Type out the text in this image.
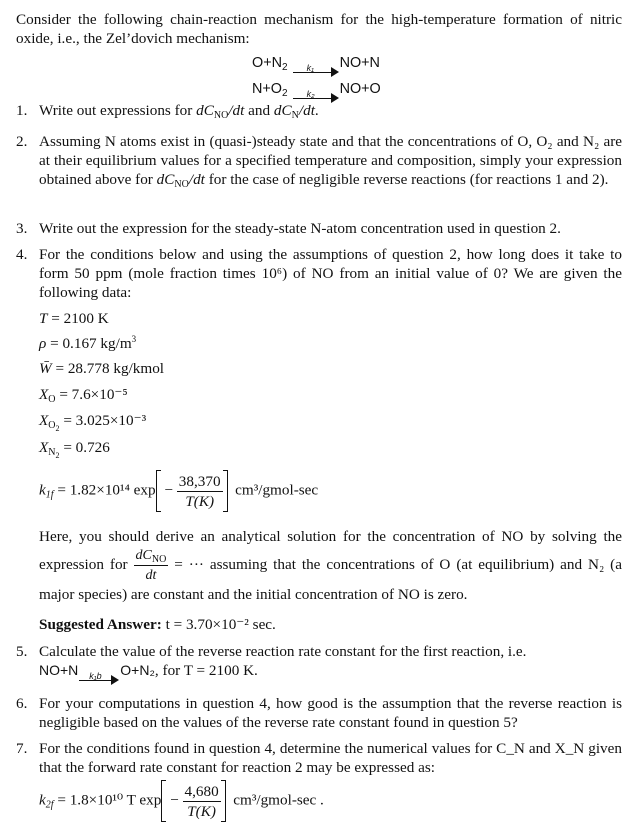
Consider the following chain-reaction mechanism for the high-temperature formation of nitric oxide, i.e., the Zel’dovich mechanism:
$O+N_2$ k₁ NO+N
$N+O_2$ k₂ NO+O
1. Write out expressions for $dC_{NO}/dt$ and $dC_N/dt$.
2. Assuming N atoms exist in (quasi-)steady state and that the concentrations of O, O₂ and N₂ are at their equilibrium values for a specified temperature and composition, simply your expression obtained above for $dC_{NO}/dt$ for the case of negligible reverse reactions (for reactions 1 and 2).
3. Write out the expression for the steady-state N-atom concentration used in question 2.
4. For the conditions below and using the assumptions of question 2, how long does it take to form 50 ppm (mole fraction times 10⁶) of NO from an initial value of 0? We are given the following data:
T = 2100 K
ρ = 0.167 $kg/m^3$
W̄ = 28.778 kg/kmol
$X_O = 7.6\times 10^{-5}$
$X_{O_2} = 3.025\times 10^{-3}$
$X_{N_2} = 0.726$
$k_{1f} = 1.82\times 10^{14}$ $\exp - \frac{38,370}{T(K)}$ cm³/gmol-sec
Here, you should derive an analytical solution for the concentration of NO by solving the expression for $\frac{dC_{NO}}{dt}$ = ··· assuming that the concentrations of O (at equilibrium) and N₂ (a major species) are constant and the initial concentration of NO is zero.
Suggested Answer: t = 3.70×10⁻² sec.
5. Calculate the value of the reverse reaction rate constant for the first reaction, i.e.
NO+N k₁b O+N₂, for T = 2100 K.
6. For your computations in question 4, how good is the assumption that the reverse reaction is negligible based on the values of the reverse rate constant found in question 5?
7. For the conditions found in question 4, determine the numerical values for C_N and X_N given that the forward rate constant for reaction 2 may be expressed as:
$k_{2f} = 1.8\times 10^{10}$ T $\exp - \frac{4,680}{T(K)}$ cm³/gmol-sec .
